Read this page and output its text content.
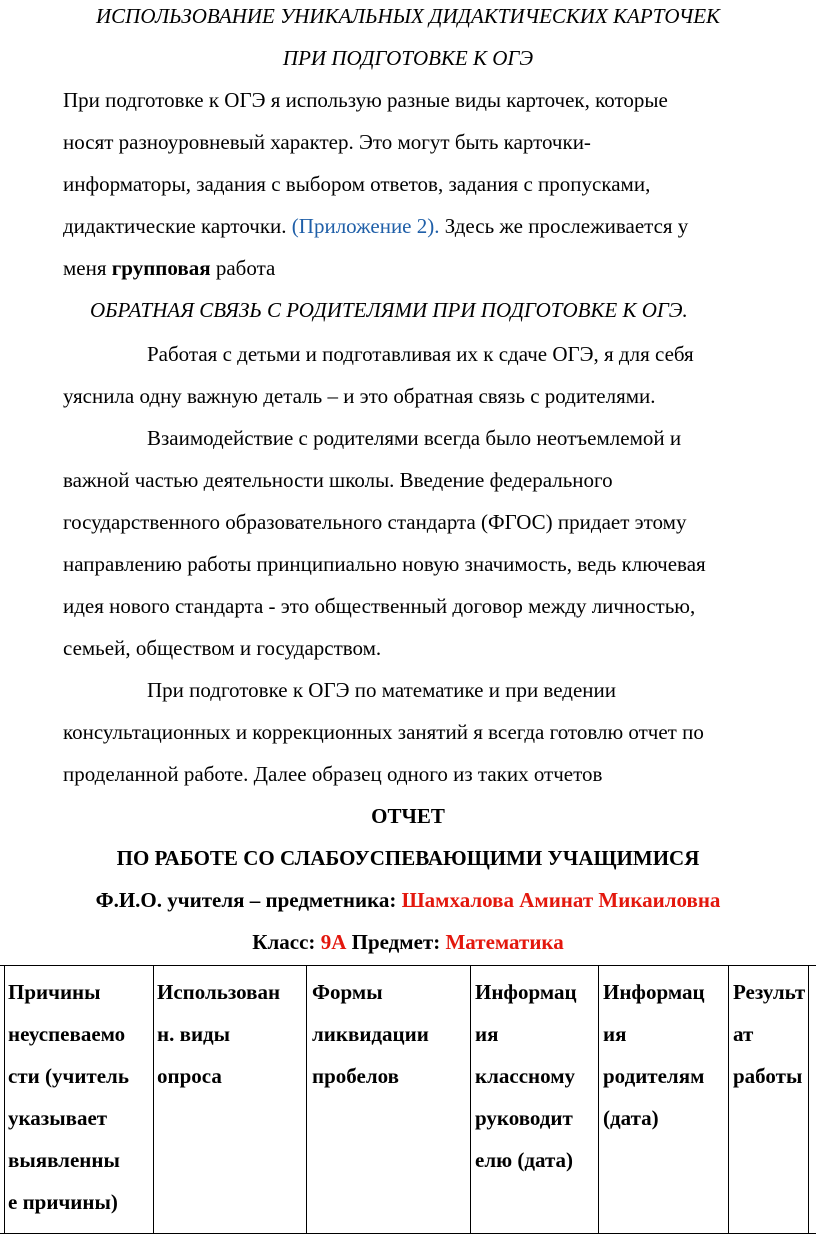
ИСПОЛЬЗОВАНИЕ УНИКАЛЬНЫХ ДИДАКТИЧЕСКИХ КАРТОЧЕК
ПРИ ПОДГОТОВКЕ К ОГЭ
При подготовке к ОГЭ я использую разные виды карточек, которые
носят разноуровневый характер. Это могут быть карточки-
информаторы, задания с выбором ответов, задания с пропусками,
дидактические карточки. (Приложение 2). Здесь же прослеживается у
меня групповая работа
ОБРАТНАЯ СВЯЗЬ С РОДИТЕЛЯМИ ПРИ ПОДГОТОВКЕ К ОГЭ.
Работая с детьми и подготавливая их к сдаче ОГЭ, я для себя
уяснила одну важную деталь – и это обратная связь с родителями.
Взаимодействие с родителями всегда было неотъемлемой и
важной частью деятельности школы. Введение федерального
государственного образовательного стандарта (ФГОС) придает этому
направлению работы принципиально новую значимость, ведь ключевая
идея нового стандарта - это общественный договор между личностью,
семьей, обществом и государством.
При подготовке к ОГЭ по математике и при ведении
консультационных и коррекционных занятий я всегда готовлю отчет по
проделанной работе. Далее образец одного из таких отчетов
ОТЧЕТ
ПО РАБОТЕ СО СЛАБОУСПЕВАЮЩИМИ УЧАЩИМИСЯ
Ф.И.О. учителя – предметника: Шамхалова Аминат Микаиловна
Класс: 9А Предмет: Математика
Причины
неуспеваемо
сти (учитель
указывает
выявленны
е причины)
Использован
н. виды
опроса
Формы
ликвидации
пробелов
Информац
ия
классному
руководит
елю (дата)
Информац
ия
родителям
(дата)
Результ
ат
работы
